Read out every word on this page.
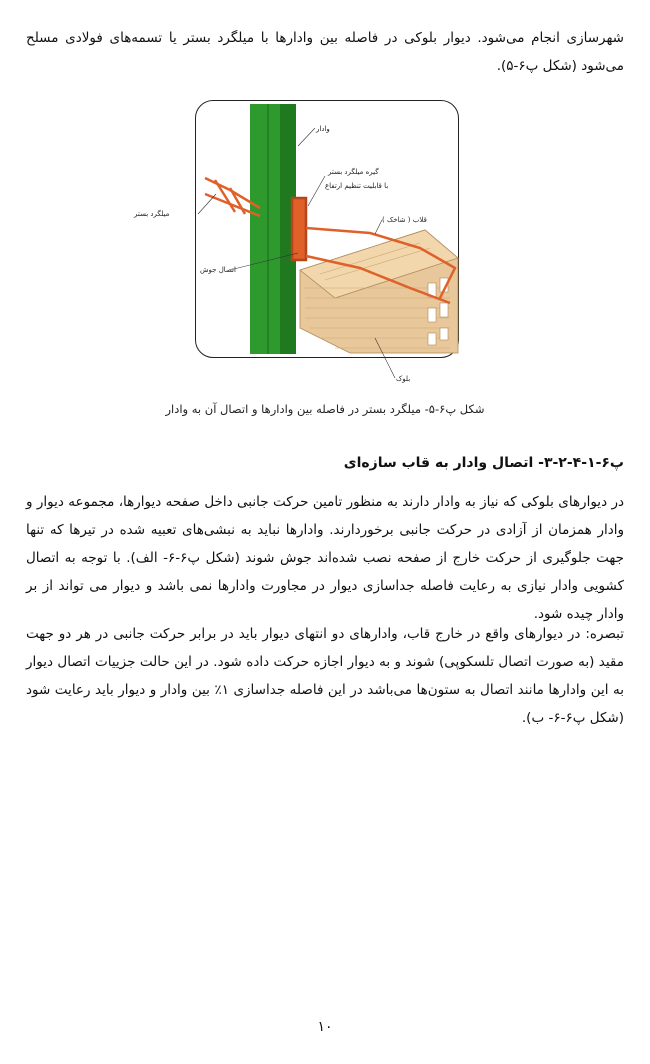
شهرسازی انجام می‌شود. دیوار بلوکی در فاصله بین وادارها با میلگرد بستر یا تسمه‌های فولادی مسلح می‌شود (شکل پ۶-۵).
وادار
گیره میلگرد بستر
با قابلیت تنظیم ارتفاع
قلاب ( شاخک )
میلگرد بستر
اتصال جوش
بلوک
شکل پ۶-۵- میلگرد بستر در فاصله بین وادارها و اتصال آن به وادار
پ۶-۱-۴-۲-۳- اتصال وادار به قاب سازه‌ای
در دیوارهای بلوکی که نیاز به وادار دارند به منظور تامین حرکت جانبی داخل صفحه دیوارها، مجموعه دیوار و وادار همزمان از آزادی در حرکت جانبی برخوردارند. وادارها نباید به نبشی‌های تعبیه شده در تیرها که تنها جهت جلوگیری از حرکت خارج از صفحه نصب شده‌اند جوش شوند (شکل پ۶-۶- الف). با توجه به اتصال کشویی وادار نیازی به رعایت فاصله جداسازی دیوار در مجاورت وادارها نمی باشد و دیوار می تواند از بر وادار چیده شود.
تبصره: در دیوارهای واقع در خارج قاب، وادارهای دو انتهای دیوار باید در برابر حرکت جانبی در هر دو جهت مقید (به صورت اتصال تلسکوپی) شوند و به دیوار اجازه حرکت داده شود. در این حالت جزییات اتصال دیوار به این وادارها مانند اتصال به ستون‌ها می‌باشد در این فاصله جداسازی ۱٪ بین وادار و دیوار باید رعایت شود (شکل پ۶-۶- ب).
۱۰
